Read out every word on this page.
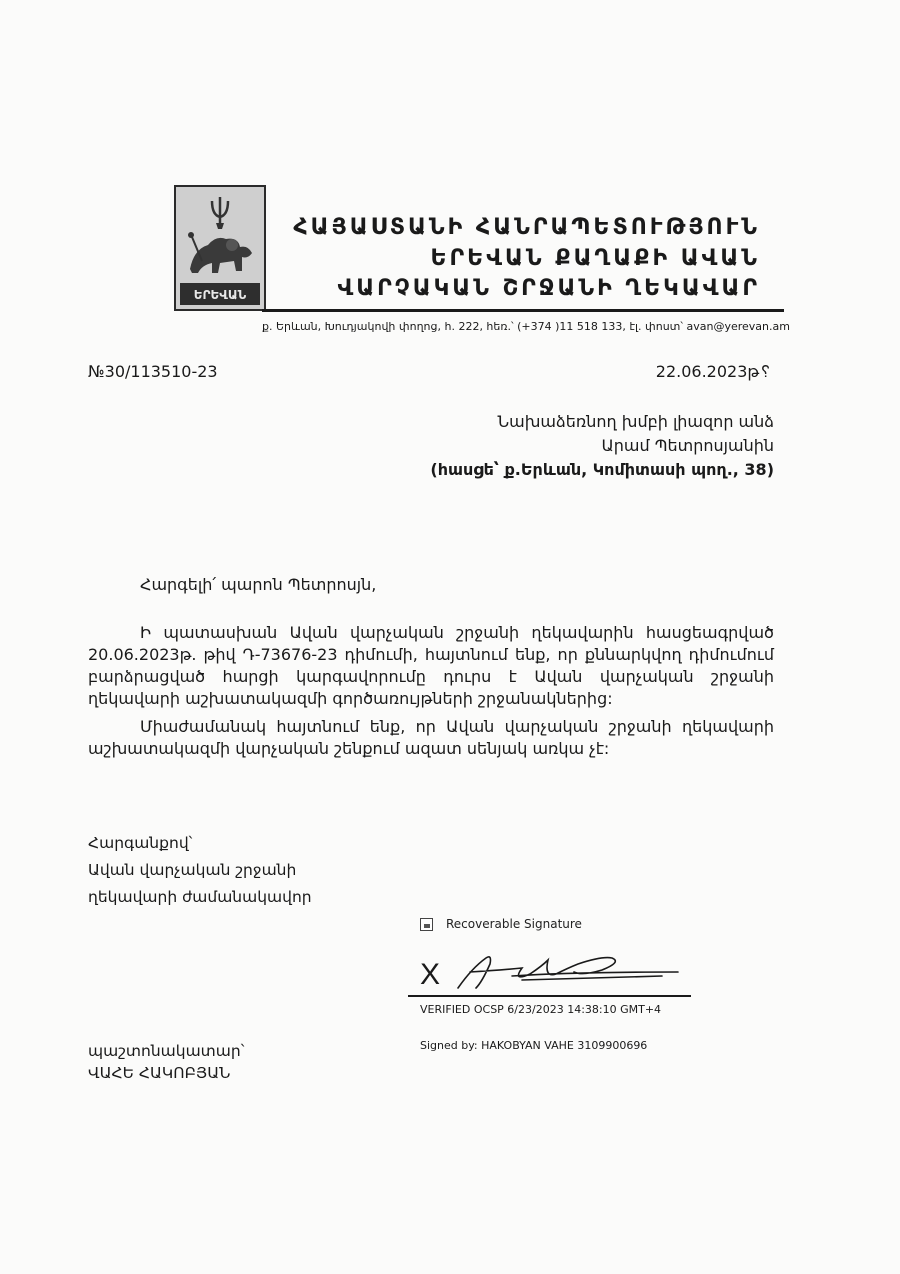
ԵՐԵՎԱՆ
ՀԱՅԱՍՏԱՆԻ ՀԱՆՐԱՊԵՏՈՒԹՅՈՒՆ
ԵՐԵՎԱՆ ՔԱՂԱՔԻ ԱՎԱՆ
ՎԱՐՉԱԿԱՆ ՇՐՋԱՆԻ ՂԵԿԱՎԱՐ
ք. Երևան, Խուդյակովի փողոց, հ. 222, հեռ.՝ (+374 )11 518 133, էլ. փոստ՝ avan@yerevan.am
№30/113510-23	22.06.2023թ␦
Նախաձեռնող խմբի լիազոր անձ
Արամ Պետրոսյանին
(հասցե՝ ք.Երևան, Կոմիտասի պող., 38)
Հարգելի՛ պարոն Պետրոսյն,
Ի պատասխան Ավան վարչական շրջանի ղեկավարին հասցեագրված 20.06.2023թ. թիվ Դ-73676-23 դիմումի, հայտնում ենք, որ քննարկվող դիմումում բարձրացված հարցի կարգավորումը դուրս է Ավան վարչական շրջանի ղեկավարի աշխատակազմի գործառույթների շրջանակներից:
Միաժամանակ հայտնում ենք, որ Ավան վարչական շրջանի ղեկավարի աշխատակազմի վարչական շենքում ազատ սենյակ առկա չէ:
Հարգանքով՝
Ավան վարչական շրջանի
ղեկավարի ժամանակավոր
պաշտոնակատար՝
ՎԱՀԵ ՀԱԿՈԲՅԱՆ
Recoverable Signature
X
VERIFIED OCSP 6/23/2023 14:38:10 GMT+4
Signed by: HAKOBYAN VAHE 3109900696
